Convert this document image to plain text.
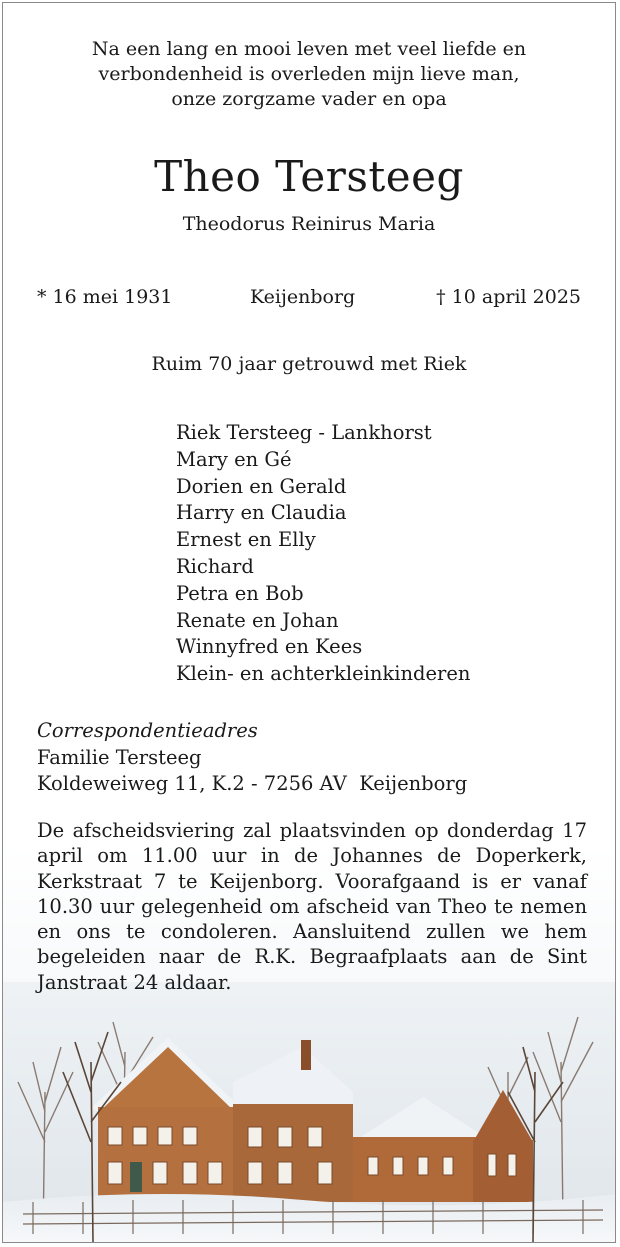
Na een lang en mooi leven met veel liefde en
verbondenheid is overleden mijn lieve man,
onze zorgzame vader en opa
Theo Tersteeg
Theodorus Reinirus Maria
* 16 mei 1931	Keijenborg	† 10 april 2025
Ruim 70 jaar getrouwd met Riek
Riek Tersteeg - Lankhorst
Mary en Gé
Dorien en Gerald
Harry en Claudia
Ernest en Elly
Richard
Petra en Bob
Renate en Johan
Winnyfred en Kees
Klein- en achterkleinkinderen
Correspondentieadres
Familie Tersteeg
Koldeweiweg 11, K.2 - 7256 AV  Keijenborg
De afscheidsviering zal plaatsvinden op donderdag 17 april om 11.00 uur in de Johannes de Doperkerk, Kerkstraat 7 te Keijenborg. Voorafgaand is er vanaf 10.30 uur gelegenheid om afscheid van Theo te nemen en ons te condoleren. Aansluitend zullen we hem begeleiden naar de R.K. Begraafplaats aan de Sint Janstraat 24 aldaar.
